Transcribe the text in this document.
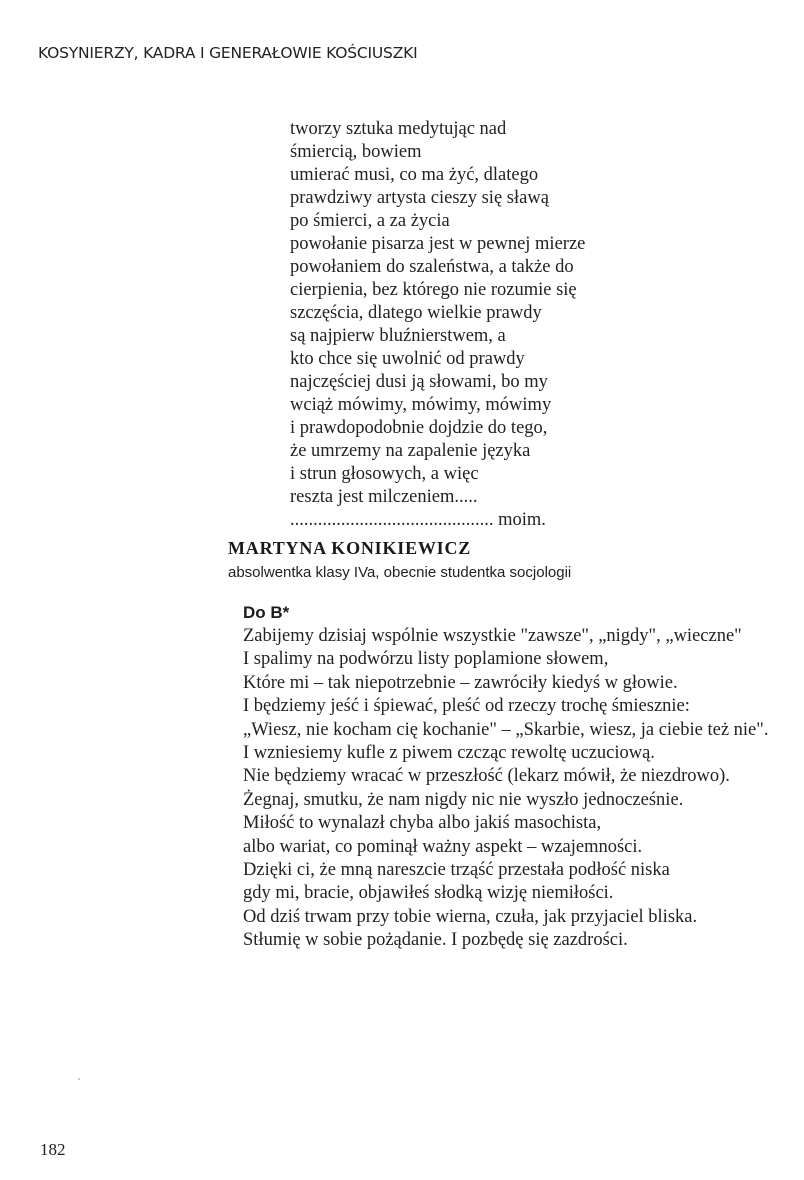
KOSYNIERZY, KADRA I GENERAŁOWIE KOŚCIUSZKI
tworzy sztuka medytując nad
śmiercią, bowiem
umierać musi, co ma żyć, dlatego
prawdziwy artysta cieszy się sławą
po śmierci, a za życia
powołanie pisarza jest w pewnej mierze
powołaniem do szaleństwa, a także do
cierpienia, bez którego nie rozumie się
szczęścia, dlatego wielkie prawdy
są najpierw bluźnierstwem, a
kto chce się uwolnić od prawdy
najczęściej dusi ją słowami, bo my
wciąż mówimy, mówimy, mówimy
i prawdopodobnie dojdzie do tego,
że umrzemy na zapalenie języka
i strun głosowych, a więc
reszta jest milczeniem.....
............................................ moim.
MARTYNA KONIKIEWICZ
absolwentka klasy IVa, obecnie studentka socjologii
Do B*
Zabijemy dzisiaj wspólnie wszystkie "zawsze", „nigdy", „wieczne"
I spalimy na podwórzu listy poplamione słowem,
Które mi – tak niepotrzebnie – zawróciły kiedyś w głowie.
I będziemy jeść i śpiewać, pleść od rzeczy trochę śmiesznie:
„Wiesz, nie kocham cię kochanie" – „Skarbie, wiesz, ja ciebie też nie".
I wzniesiemy kufle z piwem czcząc rewoltę uczuciową.
Nie będziemy wracać w przeszłość (lekarz mówił, że niezdrowo).
Żegnaj, smutku, że nam nigdy nic nie wyszło jednocześnie.
Miłość to wynalazł chyba albo jakiś masochista,
albo wariat, co pominął ważny aspekt – wzajemności.
Dzięki ci, że mną nareszcie trząść przestała podłość niska
gdy mi, bracie, objawiłeś słodką wizję niemiłości.
Od dziś trwam przy tobie wierna, czuła, jak przyjaciel bliska.
Stłumię w sobie pożądanie. I pozbędę się zazdrości.
182
